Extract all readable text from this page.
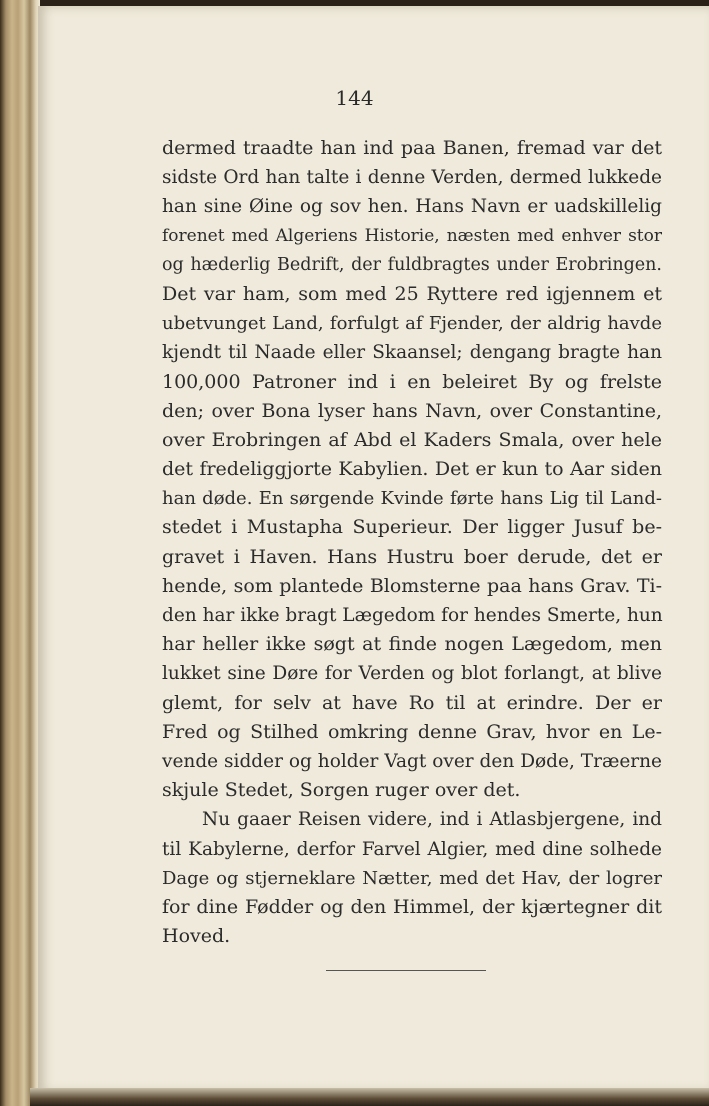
144
dermed traadte han ind paa Banen, fremad var det
sidste Ord han talte i denne Verden, dermed lukkede
han sine Øine og sov hen. Hans Navn er uadskillelig
forenet med Algeriens Historie, næsten med enhver stor
og hæderlig Bedrift, der fuldbragtes under Erobringen.
Det var ham, som med 25 Ryttere red igjennem et
ubetvunget Land, forfulgt af Fjender, der aldrig havde
kjendt til Naade eller Skaansel; dengang bragte han
100,000 Patroner ind i en beleiret By og frelste
den; over Bona lyser hans Navn, over Constantine,
over Erobringen af Abd el Kaders Smala, over hele
det fredeliggjorte Kabylien. Det er kun to Aar siden
han døde. En sørgende Kvinde førte hans Lig til Land-
stedet i Mustapha Superieur. Der ligger Jusuf be-
gravet i Haven. Hans Hustru boer derude, det er
hende, som plantede Blomsterne paa hans Grav. Ti-
den har ikke bragt Lægedom for hendes Smerte, hun
har heller ikke søgt at finde nogen Lægedom, men
lukket sine Døre for Verden og blot forlangt, at blive
glemt, for selv at have Ro til at erindre. Der er
Fred og Stilhed omkring denne Grav, hvor en Le-
vende sidder og holder Vagt over den Døde, Træerne
skjule Stedet, Sorgen ruger over det.
Nu gaaer Reisen videre, ind i Atlasbjergene, ind
til Kabylerne, derfor Farvel Algier, med dine solhede
Dage og stjerneklare Nætter, med det Hav, der logrer
for dine Fødder og den Himmel, der kjærtegner dit
Hoved.
